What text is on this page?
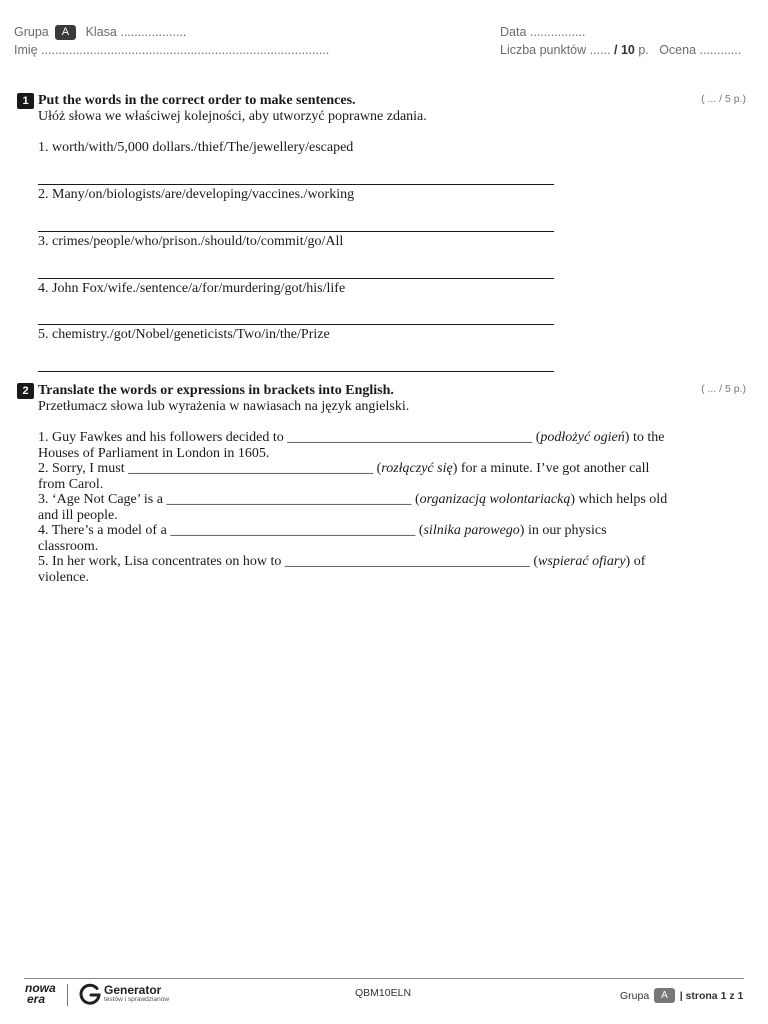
Grupa A Klasa ...................
Imię ...................................................................................
Data ................
Liczba punktów ...... / 10 p. Ocena ............
1 Put the words in the correct order to make sentences.
Ułóż słowa we właściwej kolejności, aby utworzyć poprawne zdania.
( ... / 5 p.)
1. worth/with/5,000 dollars./thief/The/jewellery/escaped
2. Many/on/biologists/are/developing/vaccines./working
3. crimes/people/who/prison./should/to/commit/go/All
4. John Fox/wife./sentence/a/for/murdering/got/his/life
5. chemistry./got/Nobel/geneticists/Two/in/the/Prize
2 Translate the words or expressions in brackets into English.
Przetłumacz słowa lub wyrażenia w nawiasach na język angielski.
( ... / 5 p.)

1. Guy Fawkes and his followers decided to ___________________________________ (podłożyć ogień) to the Houses of Parliament in London in 1605.

2. Sorry, I must ___________________________________ (rozłączyć się) for a minute. I’ve got another call from Carol.

3. ‘Age Not Cage’ is a ___________________________________ (organizacją wolontariacką) which helps old and ill people.

4. There’s a model of a ___________________________________ (silnika parowego) in our physics classroom.

5. In her work, Lisa concentrates on how to ___________________________________ (wspierać ofiary) of violence.

nowa
era
Generator
testów i sprawdzianów
QBM10ELN	Grupa A | strona 1 z 1
